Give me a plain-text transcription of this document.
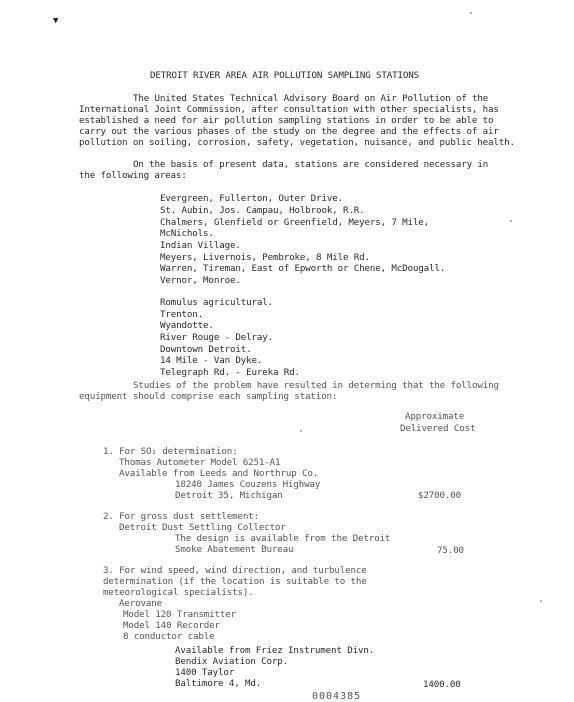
▼
DETROIT RIVER AREA AIR POLLUTION SAMPLING STATIONS
The United States Technical Advisory Board on Air Pollution of the
International Joint Commission, after consultation with other specialists, has
established a need for air pollution sampling stations in order to be able to
carry out the various phases of the study on the degree and the effects of air
pollution on soiling, corrosion, safety, vegetation, nuisance, and public health.
On the basis of present data, stations are considered necessary in
the following areas:
Evergreen, Fullerton, Outer Drive.
St. Aubin, Jos. Campau, Holbrook, R.R.
Chalmers, Glenfield or Greenfield, Meyers, 7 Mile,
McNichols.
Indian Village.
Meyers, Livernois, Pembroke, 8 Mile Rd.
Warren, Tireman, East of Epworth or Chene, McDougall.
Vernor, Monroe.
Romulus agricultural.
Trenton.
Wyandotte.
River Rouge - Delray.
Downtown Detroit.
14 Mile - Van Dyke.
Telegraph Rd. - Eureka Rd.
Studies of the problem have resulted in determing that the following
equipment should comprise each sampling station:
Approximate
Delivered Cost
1. For SO₂ determination:
Thomas Autometer Model 6251-A1
Available from Leeds and Northrup Co.
18240 James Couzens Highway
Detroit 35, Michigan	$2700.00
2. For gross dust settlement:
Detroit Dust Settling Collector
The design is available from the Detroit
Smoke Abatement Bureau	75.00
3. For wind speed, wind direction, and turbulence
determination (if the location is suitable to the
meteorological specialists).
Aerovane
Model 120 Transmitter
Model 140 Recorder
8 conductor cable
Available from Friez Instrument Divn.
Bendix Aviation Corp.
1400 Taylor
Baltimore 4, Md.	1400.00
0004385
